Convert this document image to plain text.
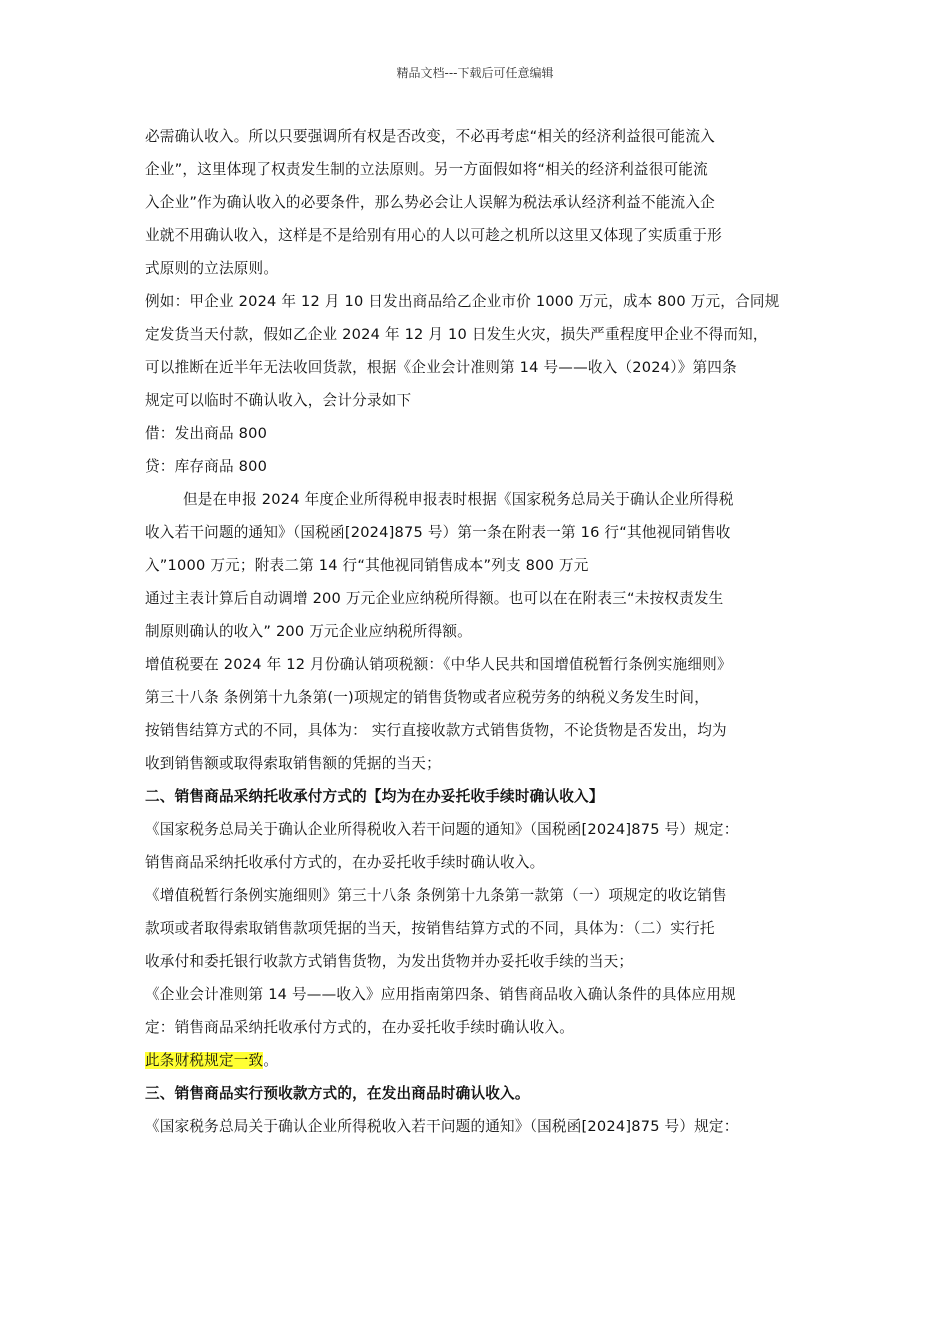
精品文档---下载后可任意编辑
必需确认收入。所以只要强调所有权是否改变，不必再考虑“相关的经济利益很可能流入
企业”，这里体现了权责发生制的立法原则。另一方面假如将“相关的经济利益很可能流
入企业”作为确认收入的必要条件，那么势必会让人误解为税法承认经济利益不能流入企
业就不用确认收入，这样是不是给别有用心的人以可趁之机所以这里又体现了实质重于形
式原则的立法原则。
例如：甲企业 2024 年 12 月 10 日发出商品给乙企业市价 1000 万元，成本 800 万元，合同规
定发货当天付款，假如乙企业 2024 年 12 月 10 日发生火灾，损失严重程度甲企业不得而知，
可以推断在近半年无法收回货款，根据《企业会计准则第 14 号——收入（2024）》第四条
规定可以临时不确认收入，会计分录如下
借：发出商品 800
贷：库存商品 800
但是在申报 2024 年度企业所得税申报表时根据《国家税务总局关于确认企业所得税
收入若干问题的通知》（国税函[2024]875 号）第一条在附表一第 16 行“其他视同销售收
入”1000 万元；附表二第 14 行“其他视同销售成本”列支 800 万元
通过主表计算后自动调增 200 万元企业应纳税所得额。也可以在在附表三“未按权责发生
制原则确认的收入” 200 万元企业应纳税所得额。
增值税要在 2024 年 12 月份确认销项税额：《中华人民共和国增值税暂行条例实施细则》
第三十八条 条例第十九条第(一)项规定的销售货物或者应税劳务的纳税义务发生时间，
按销售结算方式的不同，具体为： 实行直接收款方式销售货物，不论货物是否发出，均为
收到销售额或取得索取销售额的凭据的当天；
二、销售商品采纳托收承付方式的【均为在办妥托收手续时确认收入】
《国家税务总局关于确认企业所得税收入若干问题的通知》（国税函[2024]875 号）规定：
销售商品采纳托收承付方式的，在办妥托收手续时确认收入。
《增值税暂行条例实施细则》第三十八条 条例第十九条第一款第（一）项规定的收讫销售
款项或者取得索取销售款项凭据的当天，按销售结算方式的不同，具体为：（二）实行托
收承付和委托银行收款方式销售货物，为发出货物并办妥托收手续的当天；
《企业会计准则第 14 号——收入》应用指南第四条、销售商品收入确认条件的具体应用规
定：销售商品采纳托收承付方式的，在办妥托收手续时确认收入。
此条财税规定一致。
三、销售商品实行预收款方式的，在发出商品时确认收入。
《国家税务总局关于确认企业所得税收入若干问题的通知》（国税函[2024]875 号）规定：
